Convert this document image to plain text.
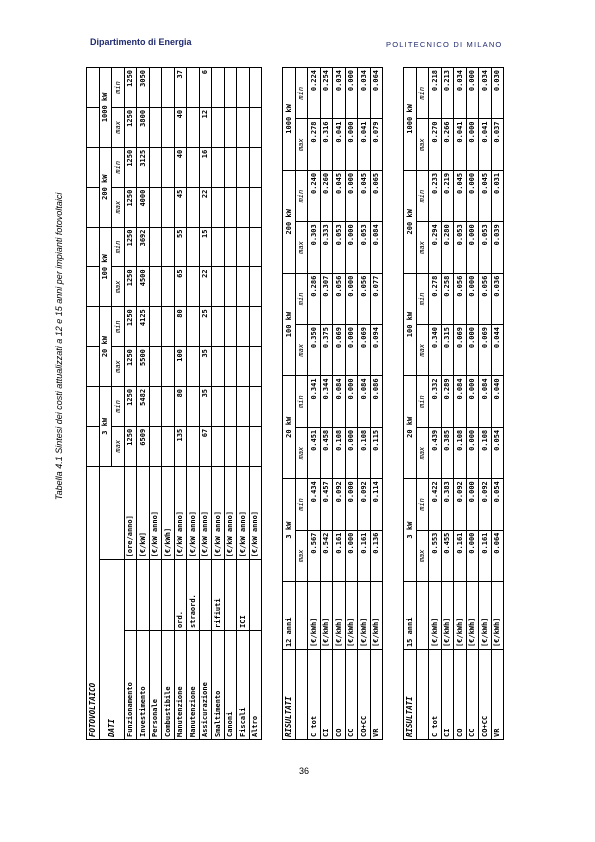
Dipartimento di Energia	POLITECNICO DI MILANO
Tabella 4.1 Sintesi dei costi attualizzati a 12 e 15 anni per impianti fotovoltaici
FOTOVOLTAICO												
DATI			3 kW		20 kW		100 kW		200 kW		1000 kW	
			max	min	max	min	max	min	max	min	max	min
Funzionamento		[ore/anno]	1250	1250	1250	1250	1250	1250	1250	1250	1250	1250
Investimento		[€/kW]	6509	5482	5500	4125	4500	3692	4000	3125	3800	3050
Personale		[€/kW anno]										
Combustibile		[€/kWh]										
Manutenzione	ord.	[€/kW anno]	135	80	100	80	65	55	45	40	40	37
Manutenzione	straord.	[€/kW anno]										
Assicurazione		[€/kW anno]	67	35	35	25	22	15	22	16	12	6
Smaltimento	rifiuti	[€/kW anno]										
Canoni		[€/kW anno]										
Fiscali	ICI	[€/kW anno]										
Altro		[€/kW anno]										
RISULTATI	12 anni	3 kW		20 kW		100 kW		200 kW		1000 kW	
		max	min	max	min	max	min	max	min	max	min
C tot	[€/kWh]	0.567	0.434	0.451	0.341	0.350	0.286	0.303	0.240	0.278	0.224
CI	[€/kWh]	0.542	0.457	0.458	0.344	0.375	0.307	0.333	0.260	0.316	0.254
CO	[€/kWh]	0.161	0.092	0.108	0.084	0.069	0.056	0.053	0.045	0.041	0.034
CC	[€/kWh]	0.000	0.000	0.000	0.000	0.000	0.000	0.000	0.000	0.000	0.000
CO+CC	[€/kWh]	0.161	0.092	0.108	0.084	0.069	0.056	0.053	0.045	0.041	0.034
VR	[€/kWh]	0.136	0.114	0.115	0.086	0.094	0.077	0.084	0.065	0.079	0.064
RISULTATI	15 anni	3 kW		20 kW		100 kW		200 kW		1000 kW	
		max	min	max	min	max	min	max	min	max	min
C tot	[€/kWh]	0.553	0.422	0.439	0.332	0.340	0.278	0.294	0.233	0.270	0.218
CI	[€/kWh]	0.455	0.383	0.385	0.289	0.315	0.258	0.280	0.219	0.266	0.213
CO	[€/kWh]	0.161	0.092	0.108	0.084	0.069	0.056	0.053	0.045	0.041	0.034
CC	[€/kWh]	0.000	0.000	0.000	0.000	0.000	0.000	0.000	0.000	0.000	0.000
CO+CC	[€/kWh]	0.161	0.092	0.108	0.084	0.069	0.056	0.053	0.045	0.041	0.034
VR	[€/kWh]	0.064	0.054	0.054	0.040	0.044	0.036	0.039	0.031	0.037	0.030
36
